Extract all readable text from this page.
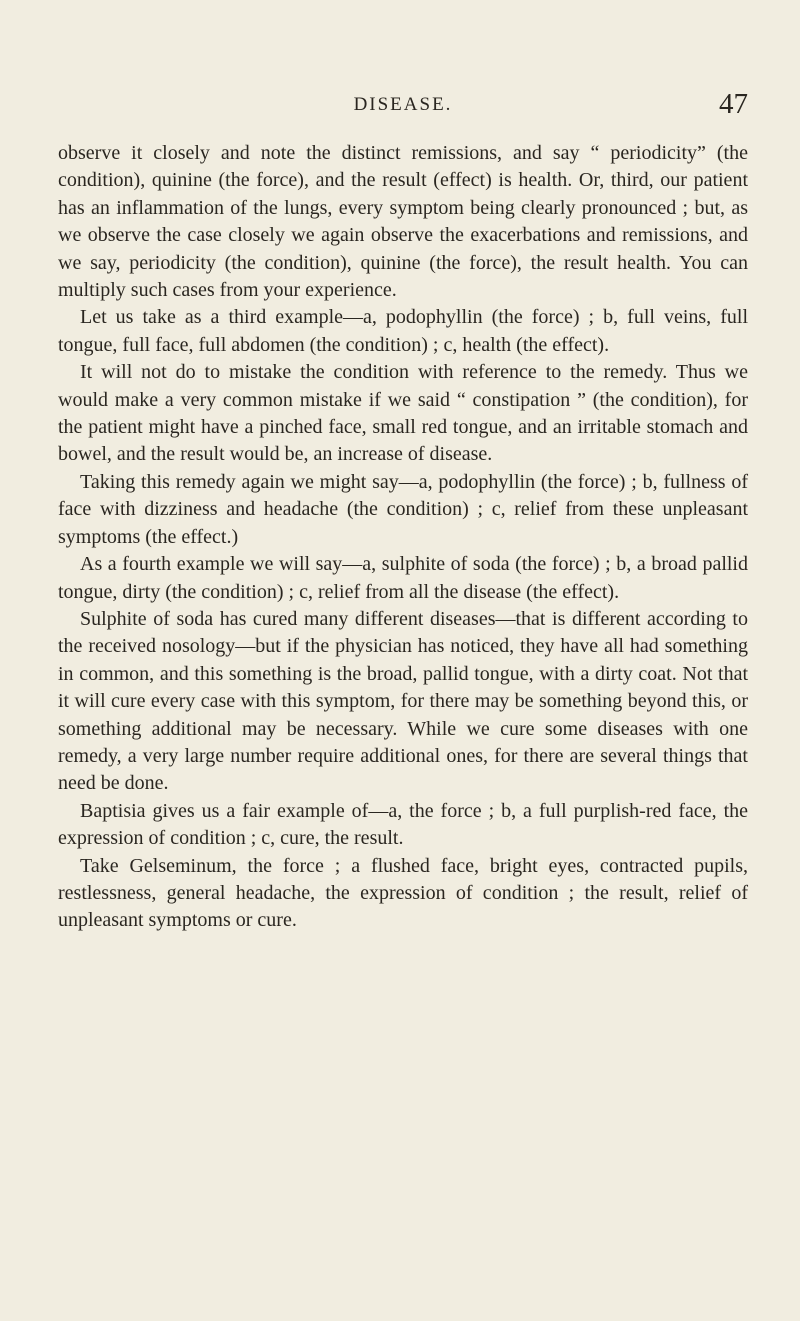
DISEASE.	47

observe it closely and note the distinct remissions, and say “ periodicity” (the condition), quinine (the force), and the result (effect) is health. Or, third, our patient has an inflammation of the lungs, every symptom being clearly pronounced ; but, as we observe the case closely we again observe the exacerbations and remissions, and we say, periodicity (the condition), quinine (the force), the result health. You can multiply such cases from your experience.

Let us take as a third example—a, podophyllin (the force) ; b, full veins, full tongue, full face, full abdomen (the condition) ; c, health (the effect).

It will not do to mistake the condition with reference to the remedy. Thus we would make a very common mistake if we said “ constipation ” (the condition), for the patient might have a pinched face, small red tongue, and an irritable stomach and bowel, and the result would be, an increase of disease.

Taking this remedy again we might say—a, podophyllin (the force) ; b, fullness of face with dizziness and headache (the condition) ; c, relief from these unpleasant symptoms (the effect.)

As a fourth example we will say—a, sulphite of soda (the force) ; b, a broad pallid tongue, dirty (the condition) ; c, relief from all the disease (the effect).

Sulphite of soda has cured many different diseases—that is different according to the received nosology—but if the physician has noticed, they have all had something in common, and this something is the broad, pallid tongue, with a dirty coat. Not that it will cure every case with this symptom, for there may be something beyond this, or something additional may be necessary. While we cure some diseases with one remedy, a very large number require additional ones, for there are several things that need be done.

Baptisia gives us a fair example of—a, the force ; b, a full purplish-red face, the expression of condition ; c, cure, the result.

Take Gelseminum, the force ; a flushed face, bright eyes, contracted pupils, restlessness, general headache, the expression of condition ; the result, relief of unpleasant symptoms or cure.
